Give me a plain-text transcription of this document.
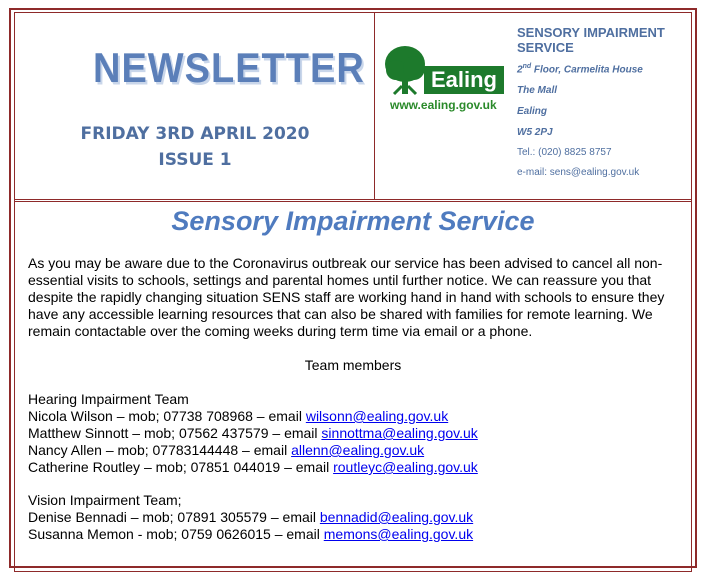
NEWSLETTER
FRIDAY 3RD APRIL 2020
ISSUE 1
Ealing
www.ealing.gov.uk
SENSORY IMPAIRMENT SERVICE
2nd Floor, Carmelita House
The Mall
Ealing
W5 2PJ
Tel.: (020) 8825 8757
e-mail: sens@ealing.gov.uk
Sensory Impairment Service
As you may be aware due to the Coronavirus outbreak our service has been advised to cancel all non-essential visits to schools, settings and parental homes until further notice. We can reassure you that despite the rapidly changing situation SENS staff are working hand in hand with schools to ensure they have any accessible learning resources that can also be shared with families for remote learning. We remain contactable over the coming weeks during term time via email or a phone.
Team members
Hearing Impairment Team
Nicola Wilson – mob; 07738 708968 – email wilsonn@ealing.gov.uk
Matthew Sinnott – mob; 07562 437579 – email sinnottma@ealing.gov.uk
Nancy Allen – mob; 07783144448 – email allenn@ealing.gov.uk
Catherine Routley – mob; 07851 044019 – email routleyc@ealing.gov.uk
Vision Impairment Team;
Denise Bennadi – mob; 07891 305579 – email bennadid@ealing.gov.uk
Susanna Memon - mob; 0759 0626015 – email memons@ealing.gov.uk
